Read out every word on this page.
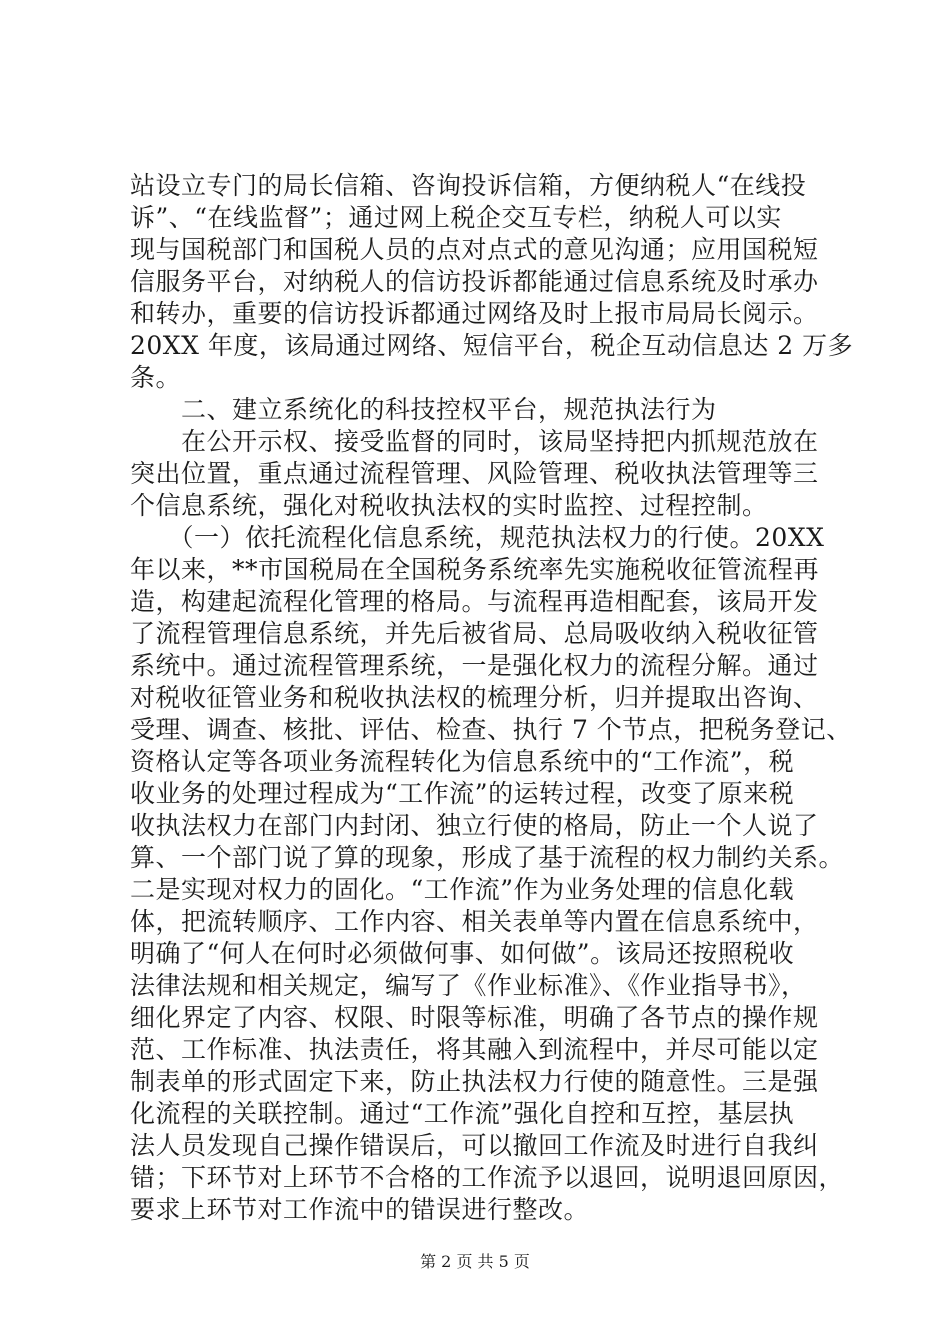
站设立专门的局长信箱、咨询投诉信箱，方便纳税人“在线投
诉”、“在线监督”；通过网上税企交互专栏，纳税人可以实
现与国税部门和国税人员的点对点式的意见沟通；应用国税短
信服务平台，对纳税人的信访投诉都能通过信息系统及时承办
和转办，重要的信访投诉都通过网络及时上报市局局长阅示。
20XX 年度，该局通过网络、短信平台，税企互动信息达 2 万多
条。
　　二、建立系统化的科技控权平台，规范执法行为
　　在公开示权、接受监督的同时，该局坚持把内抓规范放在
突出位置，重点通过流程管理、风险管理、税收执法管理等三
个信息系统，强化对税收执法权的实时监控、过程控制。
　　（一）依托流程化信息系统，规范执法权力的行使。20XX
年以来，**市国税局在全国税务系统率先实施税收征管流程再
造，构建起流程化管理的格局。与流程再造相配套，该局开发
了流程管理信息系统，并先后被省局、总局吸收纳入税收征管
系统中。通过流程管理系统，一是强化权力的流程分解。通过
对税收征管业务和税收执法权的梳理分析，归并提取出咨询、
受理、调查、核批、评估、检查、执行 7 个节点，把税务登记、
资格认定等各项业务流程转化为信息系统中的“工作流”，税
收业务的处理过程成为“工作流”的运转过程，改变了原来税
收执法权力在部门内封闭、独立行使的格局，防止一个人说了
算、一个部门说了算的现象，形成了基于流程的权力制约关系。
二是实现对权力的固化。“工作流”作为业务处理的信息化载
体，把流转顺序、工作内容、相关表单等内置在信息系统中，
明确了“何人在何时必须做何事、如何做”。该局还按照税收
法律法规和相关规定，编写了《作业标准》、《作业指导书》，
细化界定了内容、权限、时限等标准，明确了各节点的操作规
范、工作标准、执法责任，将其融入到流程中，并尽可能以定
制表单的形式固定下来，防止执法权力行使的随意性。三是强
化流程的关联控制。通过“工作流”强化自控和互控，基层执
法人员发现自己操作错误后，可以撤回工作流及时进行自我纠
错；下环节对上环节不合格的工作流予以退回，说明退回原因，
要求上环节对工作流中的错误进行整改。
第 2 页 共 5 页
